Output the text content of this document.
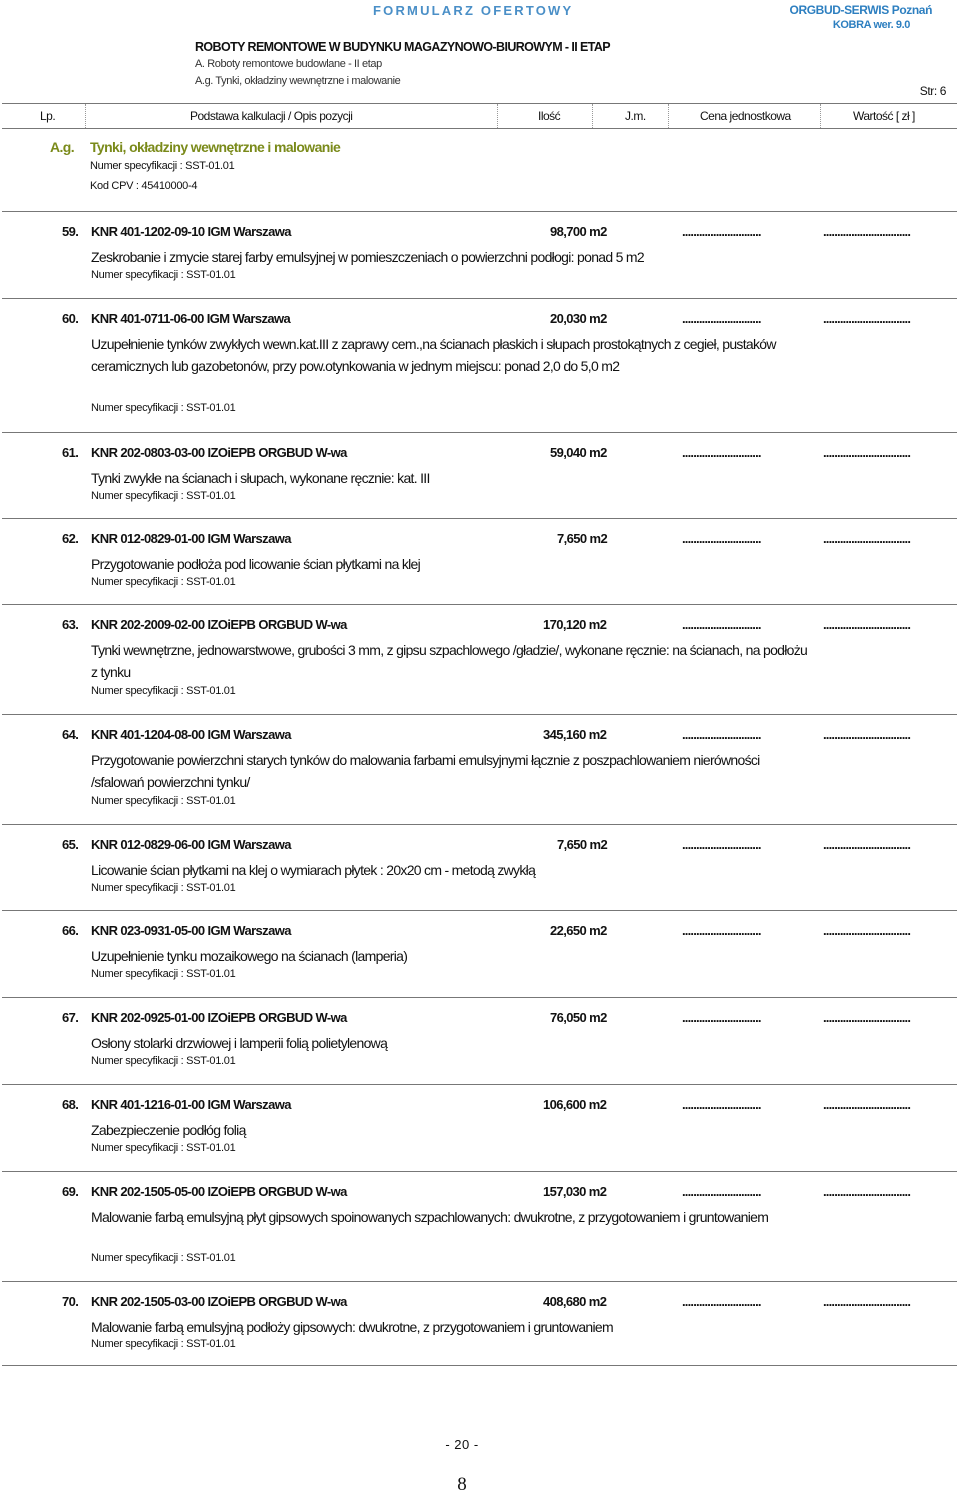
FORMULARZ OFERTOWY	ORGBUD-SERWIS Poznań
KOBRA wer. 9.0
ROBOTY REMONTOWE W BUDYNKU MAGAZYNOWO-BIUROWYM - II ETAP
A. Roboty remontowe budowlane - II etap
A.g. Tynki, okładziny wewnętrzne i malowanie
Str: 6
Lp.	Podstawa kalkulacji / Opis pozycji	Ilość	J.m.	Cena jednostkowa	Wartość [ zł ]
A.g. Tynki, okładziny wewnętrzne i malowanie
Numer specyfikacji : SST-01.01
Kod CPV : 45410000-4
59. KNR 401-1202-09-10 IGM Warszawa	98,700 m2	............................	...............................
Zeskrobanie i zmycie starej farby emulsyjnej w pomieszczeniach o powierzchni podłogi: ponad 5 m2
Numer specyfikacji : SST-01.01
60. KNR 401-0711-06-00 IGM Warszawa	20,030 m2	............................	...............................
Uzupełnienie tynków zwykłych wewn.kat.III z zaprawy cem.,na ścianach płaskich i słupach prostokątnych z cegieł, pustaków ceramicznych lub gazobetonów, przy pow.otynkowania w jednym miejscu: ponad 2,0 do 5,0 m2
Numer specyfikacji : SST-01.01
61. KNR 202-0803-03-00 IZOiEPB ORGBUD W-wa	59,040 m2	............................	...............................
Tynki zwykłe na ścianach i słupach, wykonane ręcznie: kat. III
Numer specyfikacji : SST-01.01
62. KNR 012-0829-01-00 IGM Warszawa	7,650 m2	............................	...............................
Przygotowanie podłoża pod licowanie ścian płytkami na klej
Numer specyfikacji : SST-01.01
63. KNR 202-2009-02-00 IZOiEPB ORGBUD W-wa	170,120 m2	............................	...............................
Tynki wewnętrzne, jednowarstwowe, grubości 3 mm, z gipsu szpachlowego /gładzie/, wykonane ręcznie: na ścianach, na podłożu z tynku
Numer specyfikacji : SST-01.01
64. KNR 401-1204-08-00 IGM Warszawa	345,160 m2	............................	...............................
Przygotowanie powierzchni starych tynków do malowania farbami emulsyjnymi łącznie z poszpachlowaniem nierówności /sfalowań powierzchni tynku/
Numer specyfikacji : SST-01.01
65. KNR 012-0829-06-00 IGM Warszawa	7,650 m2	............................	...............................
Licowanie ścian płytkami na klej o wymiarach płytek : 20x20 cm - metodą zwykłą
Numer specyfikacji : SST-01.01
66. KNR 023-0931-05-00 IGM Warszawa	22,650 m2	............................	...............................
Uzupełnienie tynku mozaikowego na ścianach (lamperia)
Numer specyfikacji : SST-01.01
67. KNR 202-0925-01-00 IZOiEPB ORGBUD W-wa	76,050 m2	............................	...............................
Osłony stolarki drzwiowej i lamperii folią polietylenową
Numer specyfikacji : SST-01.01
68. KNR 401-1216-01-00 IGM Warszawa	106,600 m2	............................	...............................
Zabezpieczenie podłóg folią
Numer specyfikacji : SST-01.01
69. KNR 202-1505-05-00 IZOiEPB ORGBUD W-wa	157,030 m2	............................	...............................
Malowanie farbą emulsyjną płyt gipsowych spoinowanych szpachlowanych: dwukrotne, z przygotowaniem i gruntowaniem
Numer specyfikacji : SST-01.01
70. KNR 202-1505-03-00 IZOiEPB ORGBUD W-wa	408,680 m2	............................	...............................
Malowanie farbą emulsyjną podłoży gipsowych: dwukrotne, z przygotowaniem i gruntowaniem
Numer specyfikacji : SST-01.01
- 20 -
8
